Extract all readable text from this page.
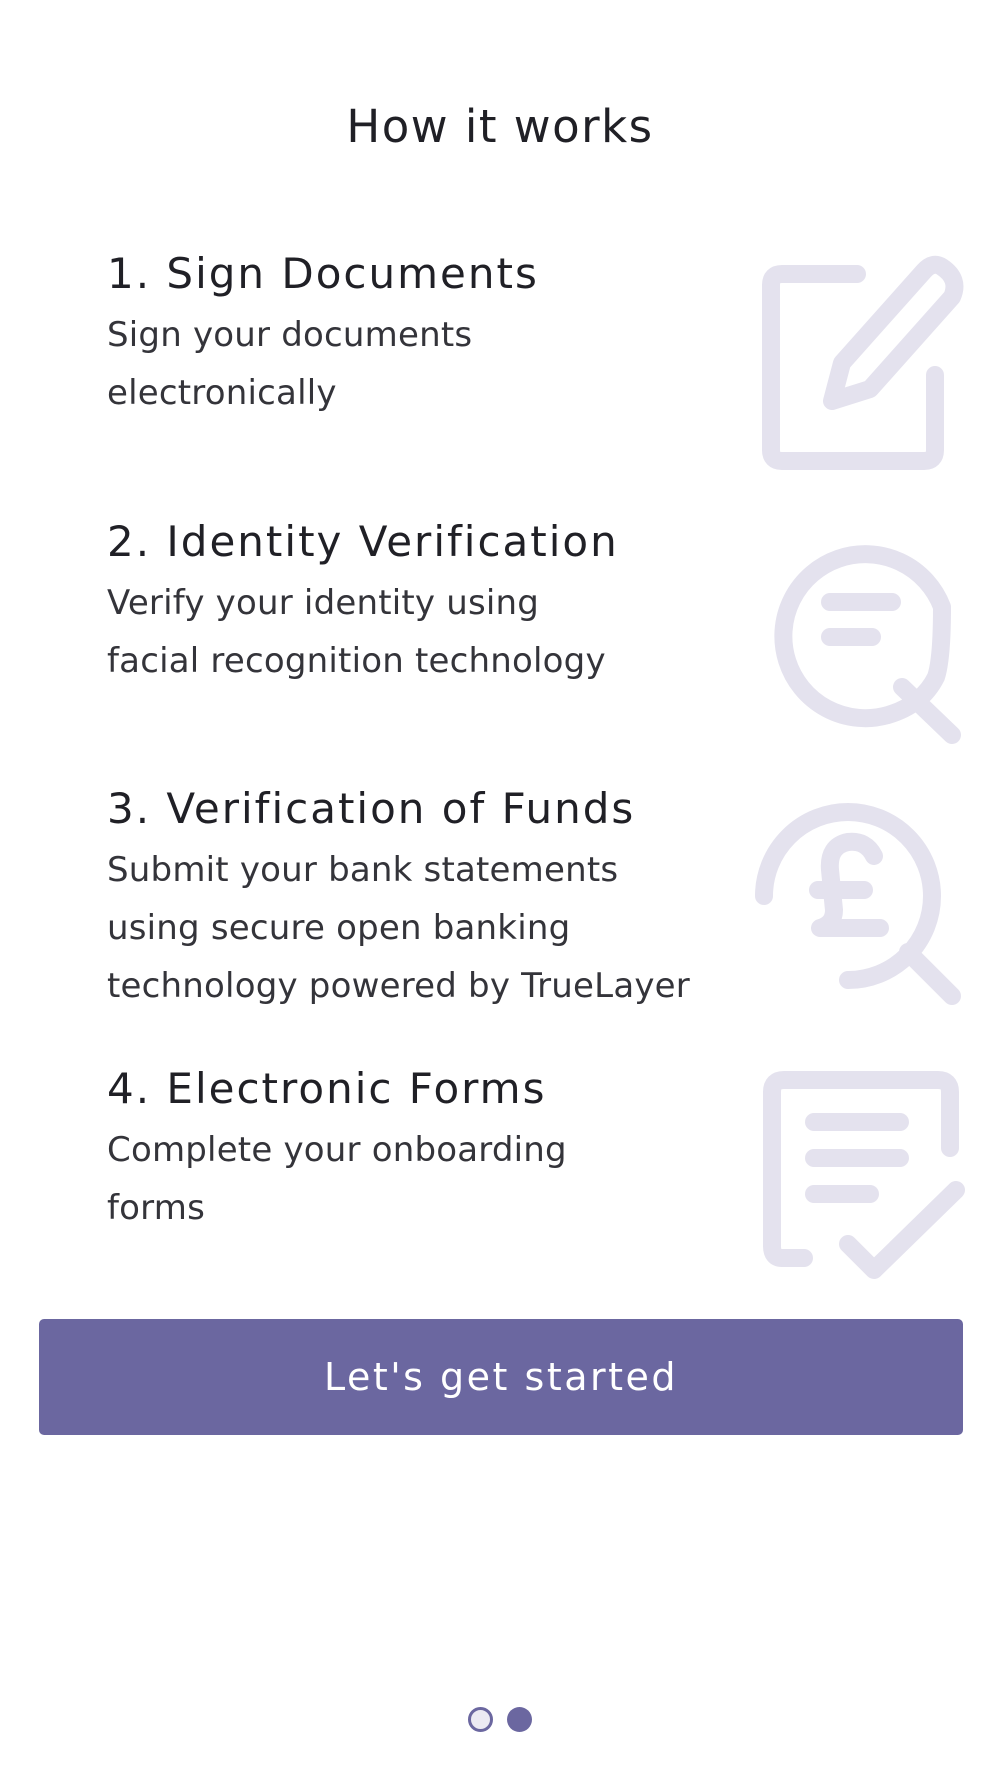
How it works
1. Sign Documents
Sign your documents
electronically
2. Identity Verification
Verify your identity using
facial recognition technology
3. Verification of Funds
Submit your bank statements
using secure open banking
technology powered by TrueLayer
4. Electronic Forms
Complete your onboarding
forms
Let's get started
